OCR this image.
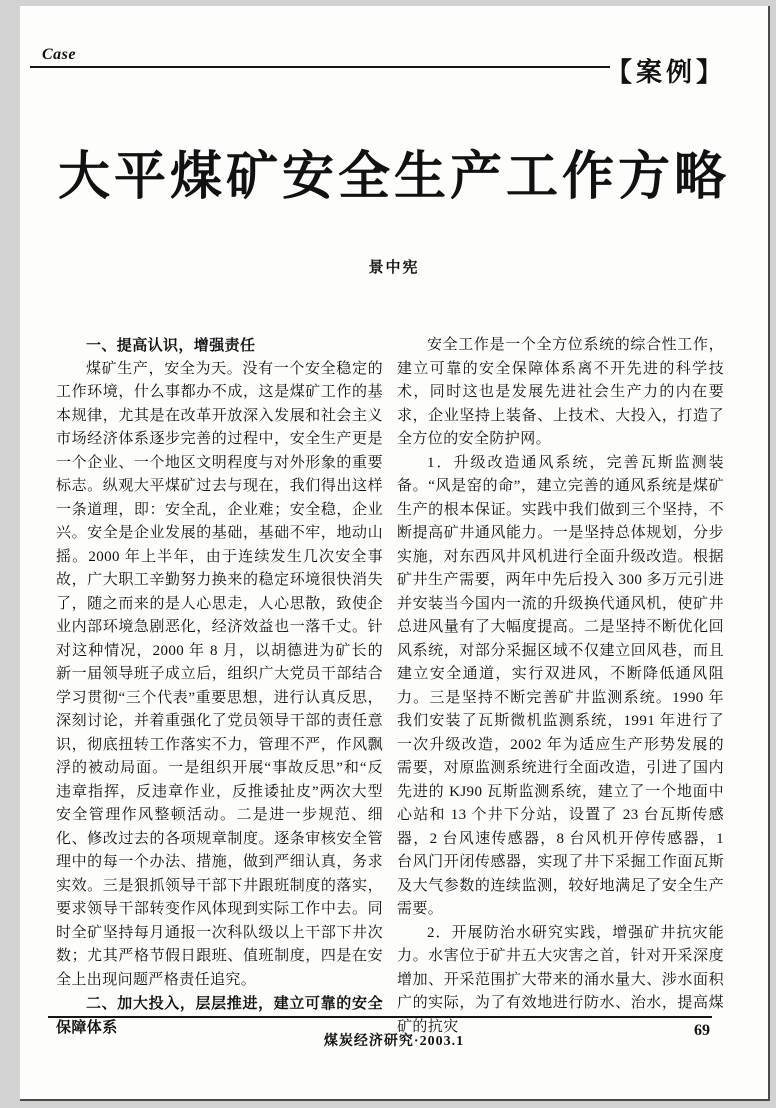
Case
【案例】
大平煤矿安全生产工作方略
景中宪
一、提高认识，增强责任

煤矿生产，安全为天。没有一个安全稳定的工作环境，什么事都办不成，这是煤矿工作的基本规律，尤其是在改革开放深入发展和社会主义市场经济体系逐步完善的过程中，安全生产更是一个企业、一个地区文明程度与对外形象的重要标志。纵观大平煤矿过去与现在，我们得出这样一条道理，即：安全乱，企业难；安全稳，企业兴。安全是企业发展的基础，基础不牢，地动山摇。2000 年上半年，由于连续发生几次安全事故，广大职工辛勤努力换来的稳定环境很快消失了，随之而来的是人心思走，人心思散，致使企业内部环境急剧恶化，经济效益也一落千丈。针对这种情况，2000 年 8 月，以胡德进为矿长的新一届领导班子成立后，组织广大党员干部结合学习贯彻“三个代表”重要思想，进行认真反思，深刻讨论，并着重强化了党员领导干部的责任意识，彻底扭转工作落实不力，管理不严，作风飘浮的被动局面。一是组织开展“事故反思”和“反违章指挥，反违章作业，反推诿扯皮”两次大型安全管理作风整顿活动。二是进一步规范、细化、修改过去的各项规章制度。逐条审核安全管理中的每一个办法、措施，做到严细认真，务求实效。三是狠抓领导干部下井跟班制度的落实，要求领导干部转变作风体现到实际工作中去。同时全矿坚持每月通报一次科队级以上干部下井次数；尤其严格节假日跟班、值班制度，四是在安全上出现问题严格责任追究。

二、加大投入，层层推进，建立可靠的安全保障体系

安全工作是一个全方位系统的综合性工作，建立可靠的安全保障体系离不开先进的科学技术，同时这也是发展先进社会生产力的内在要求，企业坚持上装备、上技术、大投入，打造了全方位的安全防护网。

1．升级改造通风系统，完善瓦斯监测装备。“风是窑的命”，建立完善的通风系统是煤矿生产的根本保证。实践中我们做到三个坚持，不断提高矿井通风能力。一是坚持总体规划，分步实施，对东西风井风机进行全面升级改造。根据矿井生产需要，两年中先后投入 300 多万元引进并安装当今国内一流的升级换代通风机，使矿井总进风量有了大幅度提高。二是坚持不断优化回风系统，对部分采掘区域不仅建立回风巷，而且建立安全通道，实行双进风，不断降低通风阻力。三是坚持不断完善矿井监测系统。1990 年我们安装了瓦斯微机监测系统，1991 年进行了一次升级改造，2002 年为适应生产形势发展的需要，对原监测系统进行全面改造，引进了国内先进的 KJ90 瓦斯监测系统，建立了一个地面中心站和 13 个井下分站，设置了 23 台瓦斯传感器，2 台风速传感器，8 台风机开停传感器，1 台风门开闭传感器，实现了井下采掘工作面瓦斯及大气参数的连续监测，较好地满足了安全生产需要。

2．开展防治水研究实践，增强矿井抗灾能力。水害位于矿井五大灾害之首，针对开采深度增加、开采范围扩大带来的涌水量大、涉水面积广的实际，为了有效地进行防水、治水，提高煤矿的抗灾

煤炭经济研究·2003.1
69
